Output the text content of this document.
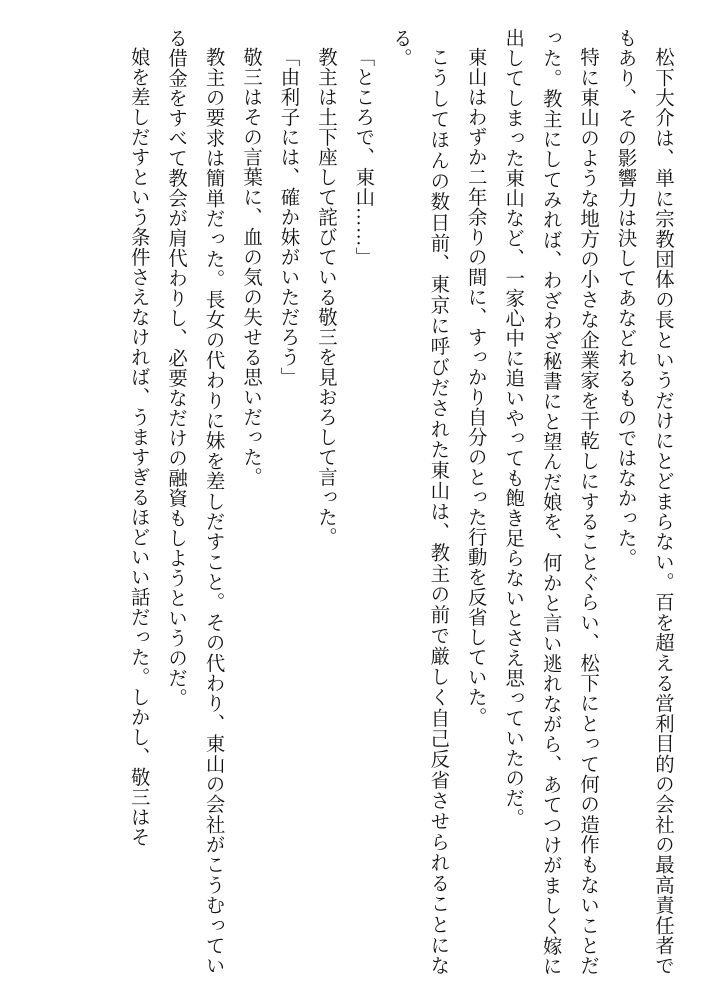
松下大介は、単に宗教団体の長というだけにとどまらない。百を超える営利目的の会社の最高責任者でもあり、その影響力は決してあなどれるものではなかった。

特に東山のような地方の小さな企業家を干乾しにすることぐらい、松下にとって何の造作もないことだった。教主にしてみれば、わざわざ秘書にと望んだ娘を、何かと言い逃れながら、あてつけがましく嫁に出してしまった東山など、一家心中に追いやっても飽き足らないとさえ思っていたのだ。

東山はわずか二年余りの間に、すっかり自分のとった行動を反省していた。

こうしてほんの数日前、東京に呼びだされた東山は、教主の前で厳しく自己反省させられることになる。

「ところで、東山……」

教主は土下座して詫びている敬三を見おろして言った。

「由利子には、確か妹がいただろう」

敬三はその言葉に、血の気の失せる思いだった。

教主の要求は簡単だった。長女の代わりに妹を差しだすこと。その代わり、東山の会社がこうむっている借金をすべて教会が肩代わりし、必要なだけの融資もしようというのだ。

娘を差しだすという条件さえなければ、うますぎるほどいい話だった。しかし、敬三はそ
